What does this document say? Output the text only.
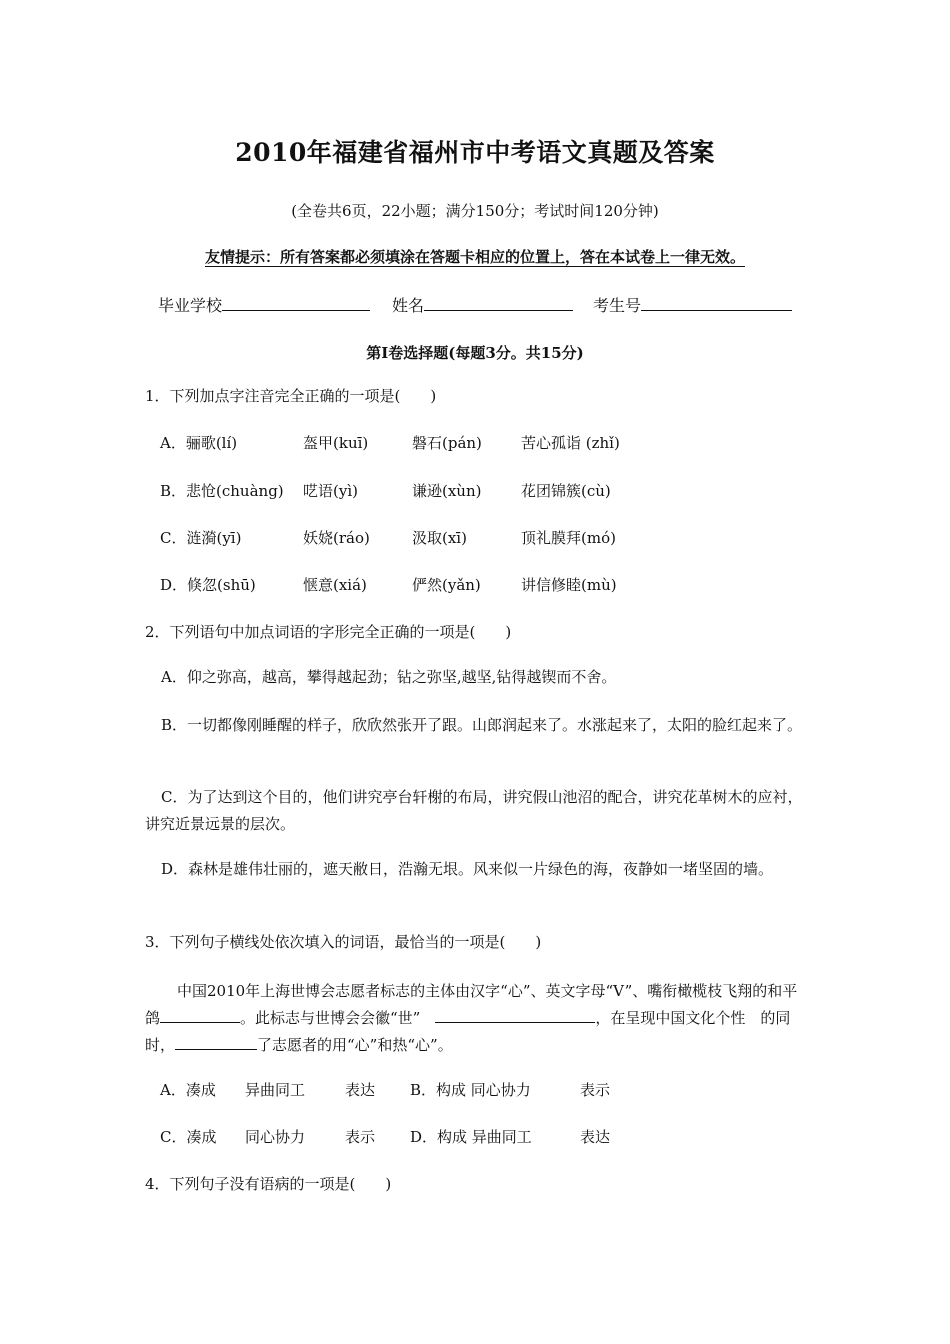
2010年福建省福州市中考语文真题及答案
(全卷共6页，22小题；满分150分；考试时间120分钟)
友情提示：所有答案都必须填涂在答题卡相应的位置上，答在本试卷上一律无效。
毕业学校	姓名	考生号
第Ⅰ卷选择题(每题3分。共15分)
1．下列加点字注音完全正确的一项是(　　)
A．骊歌(lí)	盔甲(kuī)	磐石(pán)	苦心孤诣 (zhǐ)
B．悲怆(chuàng) 呓语(yì)	谦逊(xùn)	花团锦簇(cù)
C．涟漪(yī)	妖娆(ráo)	汲取(xī)	顶礼膜拜(mó)
D．倏忽(shū)	惬意(xiá)	俨然(yǎn)	讲信修睦(mù)
2．下列语句中加点词语的字形完全正确的一项是(　　)
A．仰之弥高，越高，攀得越起劲；钻之弥坚,越坚,钻得越锲而不舍。
B．一切都像刚睡醒的样子，欣欣然张开了跟。山郎润起来了。水涨起来了，太阳的脸红起来了。
C．为了达到这个目的，他们讲究亭台轩榭的布局，讲究假山池沼的配合，讲究花革树木的应衬，讲究近景远景的层次。
D．森林是雄伟壮丽的，遮天敝日，浩瀚无垠。风来似一片绿色的海，夜静如一堵坚固的墙。
3．下列句子横线处依次填入的词语，最恰当的一项是(　　)
中国2010年上海世博会志愿者标志的主体由汉字“心”、英文字母“V”、嘴衔橄榄枝飞翔的和平鸽	。此标志与世博会会徽“世”　	，在呈现中国文化个性　的同时，	了志愿者的用“心”和热“心”。
A．凑成 异曲同工	表达 B．构成 同心协力	表示
C．凑成 同心协力	表示 D．构成 异曲同工	表达
4．下列句子没有语病的一项是(　　)
